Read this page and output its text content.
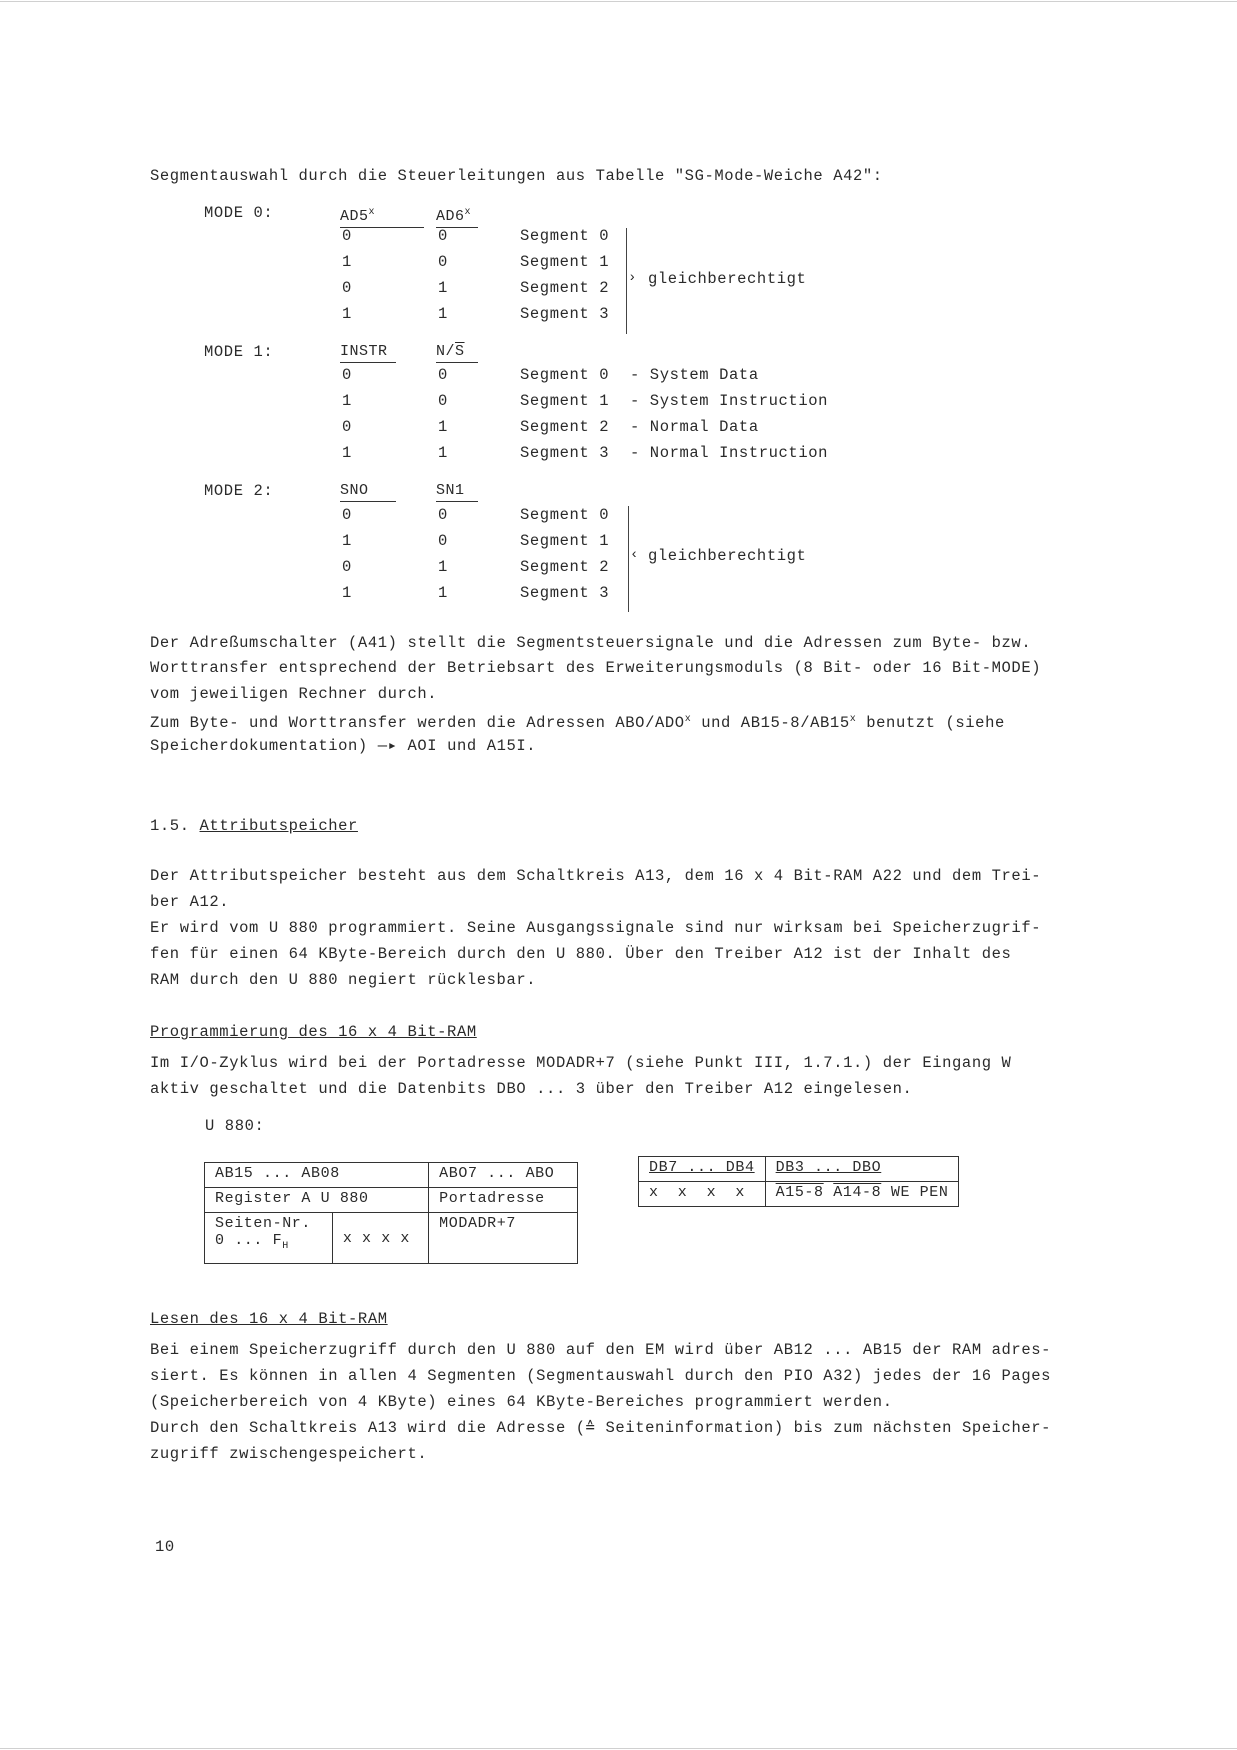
Segmentauswahl durch die Steuerleitungen aus Tabelle "SG-Mode-Weiche A42":
MODE 0:	AD5$^x$	AD6$^x$
0	0	Segment 0
1	0	Segment 1
0	1	Segment 2
1	1	Segment 3
› gleichberechtigt
MODE 1:	INSTR	$N/\overline{S}$
0	0	Segment 0 - System Data
1	0	Segment 1 - System Instruction
0	1	Segment 2 - Normal Data
1	1	Segment 3 - Normal Instruction
MODE 2:	SNO	SN1
0	0	Segment 0
1	0	Segment 1
0	1	Segment 2
1	1	Segment 3
‹ gleichberechtigt
Der Adreßumschalter (A41) stellt die Segmentsteuersignale und die Adressen zum Byte- bzw.
Worttransfer entsprechend der Betriebsart des Erweiterungsmoduls (8 Bit- oder 16 Bit-MODE)
vom jeweiligen Rechner durch.
Zum Byte- und Worttransfer werden die Adressen ABO/ADO$^x$ und AB15-8/AB15$^x$ benutzt (siehe
Speicherdokumentation) —▸ AOI und A15I.
1.5. Attributspeicher
Der Attributspeicher besteht aus dem Schaltkreis A13, dem 16 x 4 Bit-RAM A22 und dem Trei-
ber A12.
Er wird vom U 880 programmiert. Seine Ausgangssignale sind nur wirksam bei Speicherzugrif-
fen für einen 64 KByte-Bereich durch den U 880. Über den Treiber A12 ist der Inhalt des
RAM durch den U 880 negiert rücklesbar.
Programmierung des 16 x 4 Bit-RAM
Im I/O-Zyklus wird bei der Portadresse MODADR+7 (siehe Punkt III, 1.7.1.) der Eingang W
aktiv geschaltet und die Datenbits DBO ... 3 über den Treiber A12 eingelesen.
U 880:
AB15 ... AB08		ABO7 ... ABO
Register A U 880		Portadresse
Seiten-Nr.
0 ... $F_H$	x x x x	MODADR+7
DB7 ... DB4	DB3 ... DBO
x  x  x  x	A15-8 A14-8 WE PEN
Lesen des 16 x 4 Bit-RAM
Bei einem Speicherzugriff durch den U 880 auf den EM wird über AB12 ... AB15 der RAM adres-
siert. Es können in allen 4 Segmenten (Segmentauswahl durch den PIO A32) jedes der 16 Pages
(Speicherbereich von 4 KByte) eines 64 KByte-Bereiches programmiert werden.
Durch den Schaltkreis A13 wird die Adresse (≙ Seiteninformation) bis zum nächsten Speicher-
zugriff zwischengespeichert.
10
